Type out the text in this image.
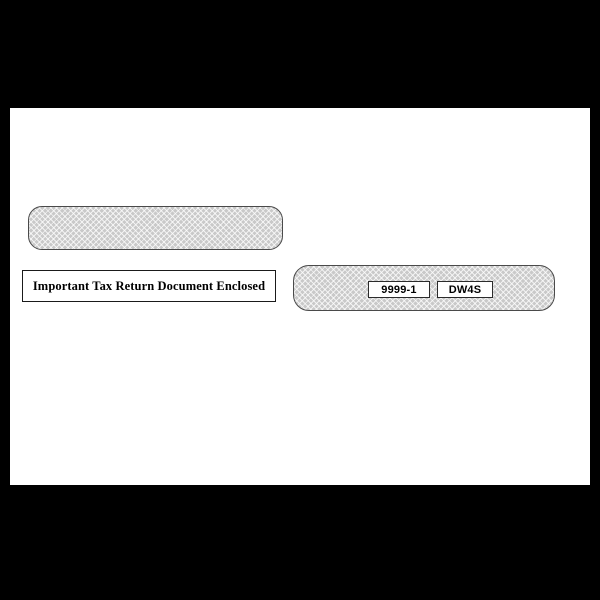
Important Tax Return Document Enclosed	9999-1	DW4S
